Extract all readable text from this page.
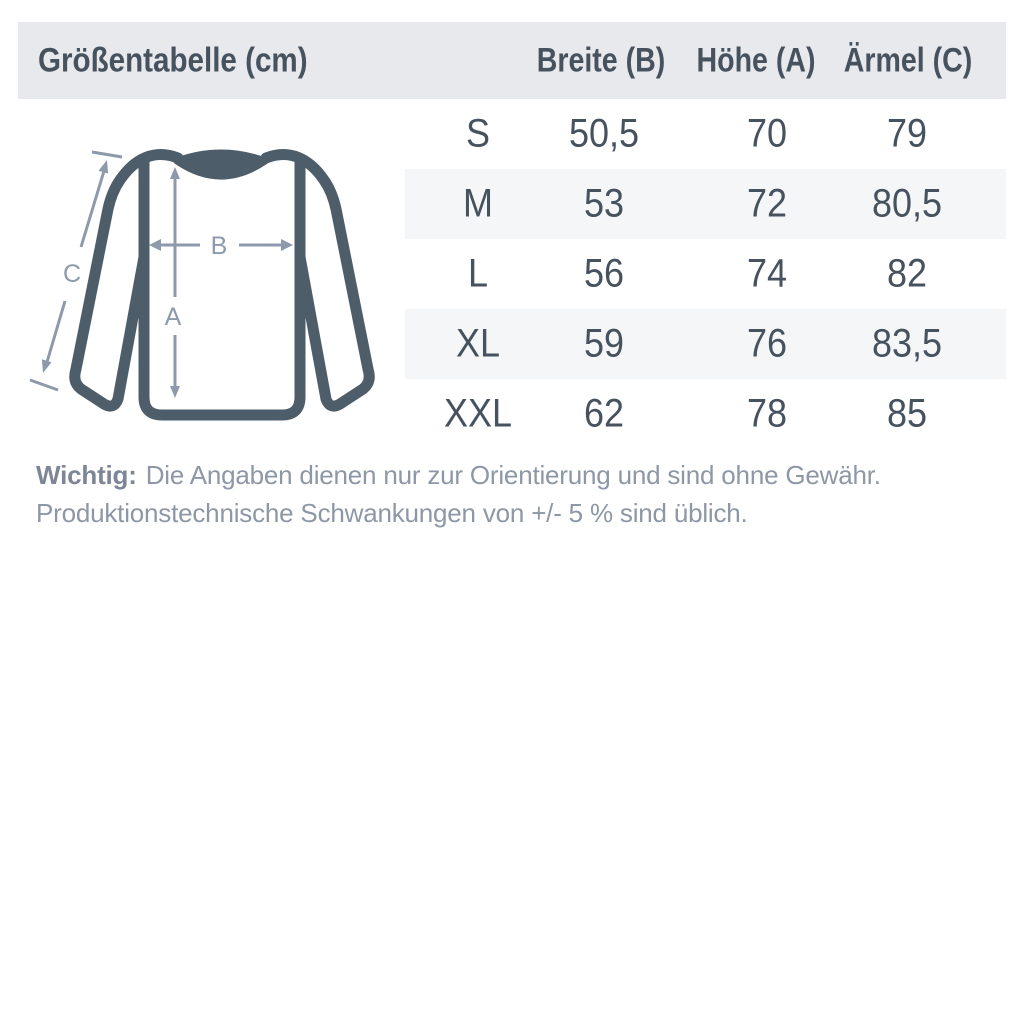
Größentabelle (cm)	Breite (B) Höhe (A) Ärmel (C)
A
B
C
S 50,5	70 79
M 53	72 80,5
L 56	74 82
XL 59	76 83,5
XXL 62	78 85

Wichtig: Die Angaben dienen nur zur Orientierung und sind ohne Gewähr.
Produktionstechnische Schwankungen von +/- 5 % sind üblich.
